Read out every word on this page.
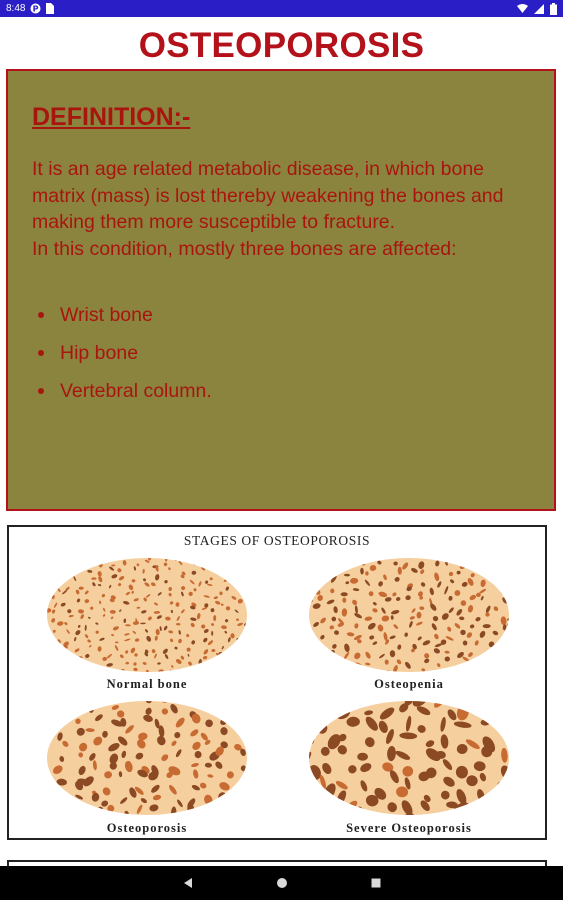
8:48 P
OSTEOPOROSIS
DEFINITION:-
It is an age related metabolic disease, in which bone matrix (mass) is lost thereby weakening the bones and making them more susceptible to fracture.
In this condition, mostly three bones are affected:
Wrist bone
Hip bone
Vertebral column.
STAGES OF OSTEOPOROSIS
Normal bone	Osteopenia
Osteoporosis	Severe Osteoporosis
